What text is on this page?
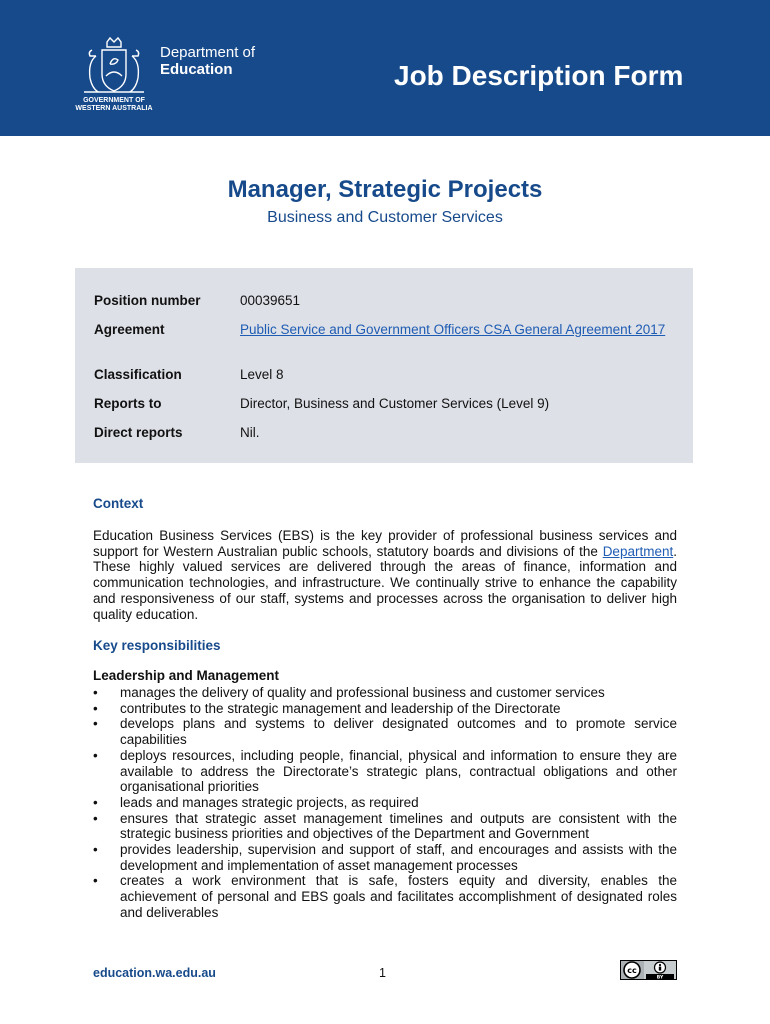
Department of
Education
GOVERNMENT OF
WESTERN AUSTRALIA
Job Description Form
Manager, Strategic Projects
Business and Customer Services
Position number	00039651
Agreement	Public Service and Government Officers CSA General Agreement 2017
Classification	Level 8
Reports to	Director, Business and Customer Services (Level 9)
Direct reports	Nil.
Context
Education Business Services (EBS) is the key provider of professional business services and support for Western Australian public schools, statutory boards and divisions of the Department. These highly valued services are delivered through the areas of finance, information and communication technologies, and infrastructure. We continually strive to enhance the capability and responsiveness of our staff, systems and processes across the organisation to deliver high quality education.
Key responsibilities
Leadership and Management
•	manages the delivery of quality and professional business and customer services
•	contributes to the strategic management and leadership of the Directorate
•	develops plans and systems to deliver designated outcomes and to promote service capabilities
•	deploys resources, including people, financial, physical and information to ensure they are available to address the Directorate’s strategic plans, contractual obligations and other organisational priorities
•	leads and manages strategic projects, as required
•	ensures that strategic asset management timelines and outputs are consistent with the strategic business priorities and objectives of the Department and Government
•	provides leadership, supervision and support of staff, and encourages and assists with the development and implementation of asset management processes
•	creates a work environment that is safe, fosters equity and diversity, enables the achievement of personal and EBS goals and facilitates accomplishment of designated roles and deliverables
education.wa.edu.au	1	cc
BY
